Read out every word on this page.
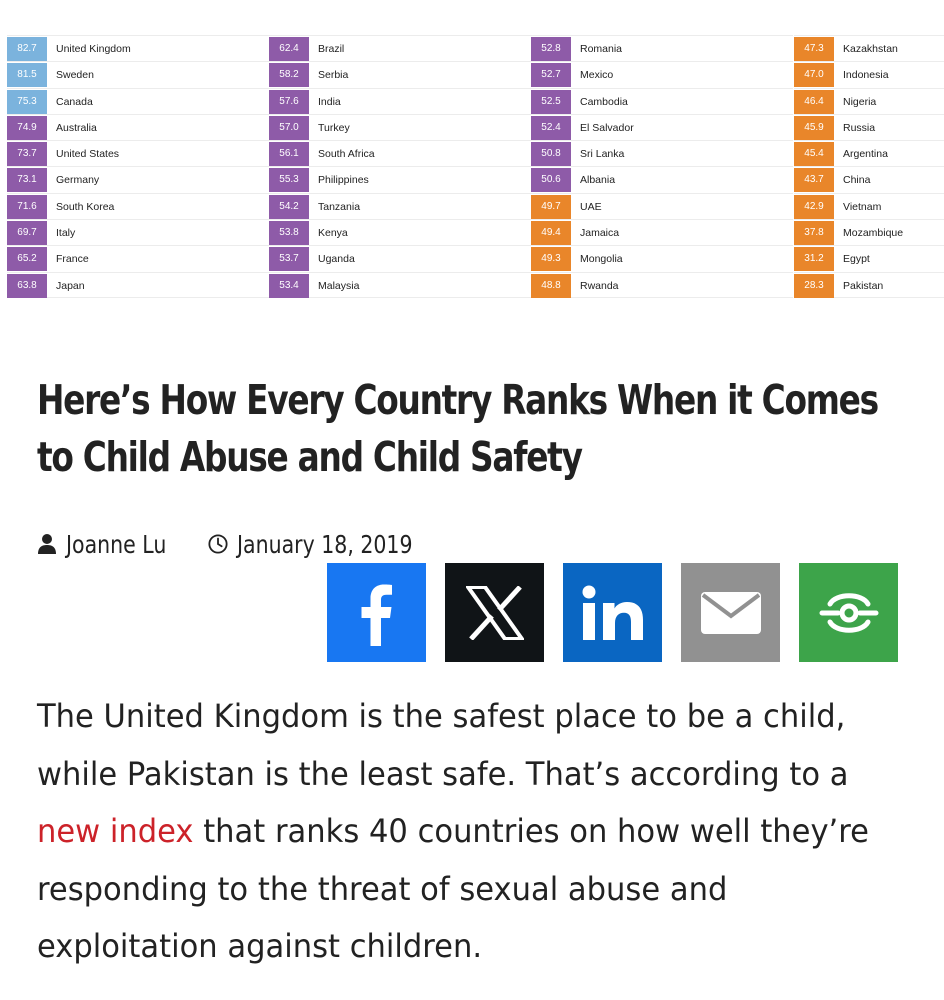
82.7	United Kingdom
81.5	Sweden
75.3	Canada
74.9	Australia
73.7	United States
73.1	Germany
71.6	South Korea
69.7	Italy
65.2	France
63.8	Japan
62.4	Brazil
58.2	Serbia
57.6	India
57.0	Turkey
56.1	South Africa
55.3	Philippines
54.2	Tanzania
53.8	Kenya
53.7	Uganda
53.4	Malaysia
52.8	Romania
52.7	Mexico
52.5	Cambodia
52.4	El Salvador
50.8	Sri Lanka
50.6	Albania
49.7	UAE
49.4	Jamaica
49.3	Mongolia
48.8	Rwanda
47.3	Kazakhstan
47.0	Indonesia
46.4	Nigeria
45.9	Russia
45.4	Argentina
43.7	China
42.9	Vietnam
37.8	Mozambique
31.2	Egypt
28.3	Pakistan
Here’s How Every Country Ranks When it Comes to Child Abuse and Child Safety
Joanne Lu	January 18, 2019

The United Kingdom is the safest place to be a child, while Pakistan is the least safe. That’s according to a new index that ranks 40 countries on how well they’re responding to the threat of sexual abuse and exploitation against children.
